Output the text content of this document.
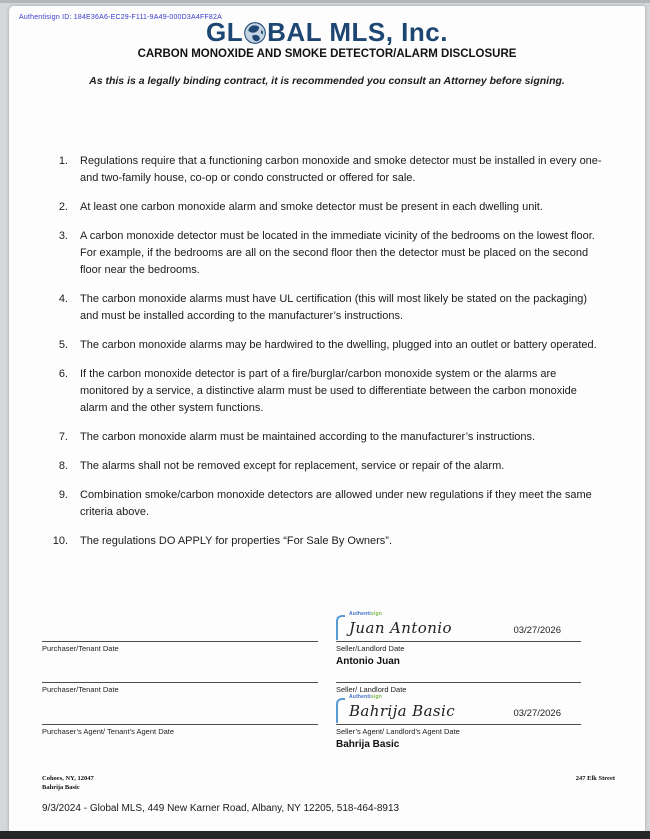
Authentisign ID: 184E36A6-EC29-F111-9A49-000D3A4FF82A
GL BAL MLS, Inc.
CARBON MONOXIDE AND SMOKE DETECTOR/ALARM DISCLOSURE
As this is a legally binding contract, it is recommended you consult an Attorney before signing.
1. Regulations require that a functioning carbon monoxide and smoke detector must be installed in every one- and two-family house, co-op or condo constructed or offered for sale.
2. At least one carbon monoxide alarm and smoke detector must be present in each dwelling unit.
3. A carbon monoxide detector must be located in the immediate vicinity of the bedrooms on the lowest floor. For example, if the bedrooms are all on the second floor then the detector must be placed on the second floor near the bedrooms.
4. The carbon monoxide alarms must have UL certification (this will most likely be stated on the packaging) and must be installed according to the manufacturer’s instructions.
5. The carbon monoxide alarms may be hardwired to the dwelling, plugged into an outlet or battery operated.
6. If the carbon monoxide detector is part of a fire/burglar/carbon monoxide system or the alarms are monitored by a service, a distinctive alarm must be used to differentiate between the carbon monoxide alarm and the other system functions.
7. The carbon monoxide alarm must be maintained according to the manufacturer’s instructions.
8. The alarms shall not be removed except for replacement, service or repair of the alarm.
9. Combination smoke/carbon monoxide detectors are allowed under new regulations if they meet the same criteria above.
10. The regulations DO APPLY for properties “For Sale By Owners”.
Purchaser/Tenant Date
Authentisign
Juan Antonio	03/27/2026
Seller/Landlord Date
Antonio Juan
Purchaser/Tenant Date	Seller/ Landlord Date
Purchaser’s Agent/ Tenant’s Agent Date
Authentisign
Bahrija Basic	03/27/2026
Seller’s Agent/ Landlord’s Agent Date
Bahrija Basic
Cohoes, NY, 12047
Bahrija Basic
247 Elk Street
9/3/2024 - Global MLS, 449 New Karner Road, Albany, NY 12205, 518-464-8913
